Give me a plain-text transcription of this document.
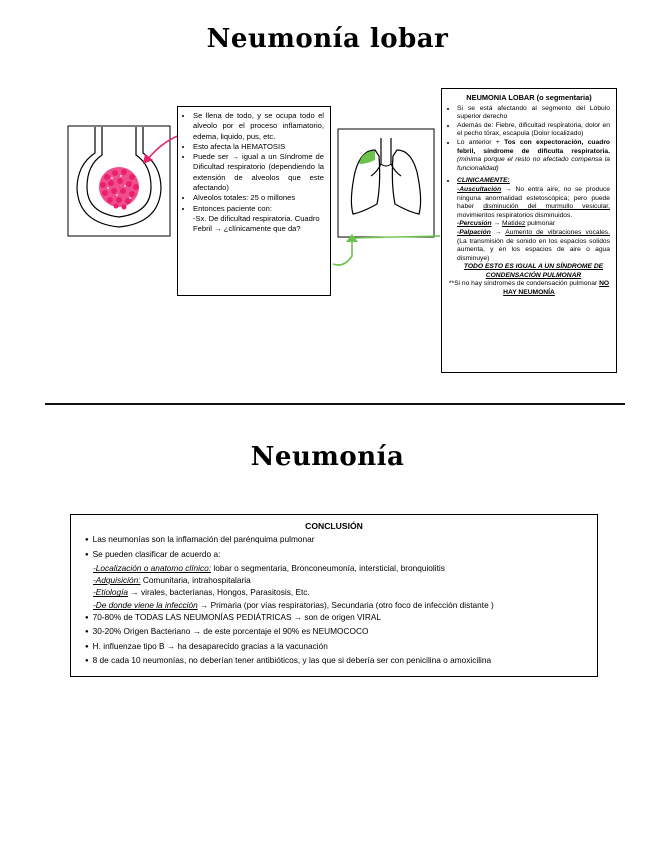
Neumonía lobar
• Se llena de todo, y se ocupa todo el alveolo por el proceso inflamatorio, edema, liquido, pus, etc.
• Esto afecta la HEMATOSIS
• Puede ser → igual a un Síndrome de Dificultad respiratorio (dependiendo la extensión de alveolos que este afectando)
• Alveolos totales: 25 o millones
• Entonces paciente con:
-Sx. De dificultad respiratoria. Cuadro Febril → ¿clínicamente que da?
NEUMONIA LOBAR (o segmentaria)
• Si se está afectando al segmento del Lóbulo superior derecho
• Además de: Fiebre, dificultad respiratoria, dolor en el pecho tórax, escapula (Dolor localizado)
• Lo anterior + Tos con expectoración, cuadro febril, síndrome de dificulta respiratoria. (mínima porque el resto no afectado compensa la funcionalidad)
• CLINICAMENTE:
-Auscultación → No entra aire, no se produce ninguna anormalidad estetoscópica; pero puede haber disminución del murmullo vesicular, movimientos respiratorios disminuidos.
-Percusión → Matidez pulmonar
-Palpación → Aumento de vibraciones vocales. (La transmisión de sonido en los espacios solidos aumenta, y en los espacios de aire o agua disminuye)
TODO ESTO ES IGUAL A UN SÍNDROME DE CONDENSACIÓN PULMONAR
**Si no hay síndromes de condensación pulmonar NO HAY NEUMONÍA
Neumonía
CONCLUSIÓN
● Las neumonías son la inflamación del parénquima pulmonar
● Se pueden clasificar de acuerdo a:
-Localización o anatomo clínico: lobar o segmentaria, Bronconeumonía, intersticial, bronquiolitis
-Adquisición: Comunitaria, intrahospitalaria
-Etiología → virales, bacterianas, Hongos, Parasitosis, Etc.
-De donde viene la infección → Primaria (por vías respiratorias), Secundaria (otro foco de infección distante )
● 70-80% de TODAS LAS NEUMONÍAS PEDIÁTRICAS → son de origen VIRAL
● 30-20% Origen Bacteriano → de este porcentaje el 90% es NEUMOCOCO
● H. influenzae tipo B → ha desaparecido gracias a la vacunación
● 8 de cada 10 neumonías, no deberían tener antibióticos, y las que si debería ser con penicilina o amoxicilina
